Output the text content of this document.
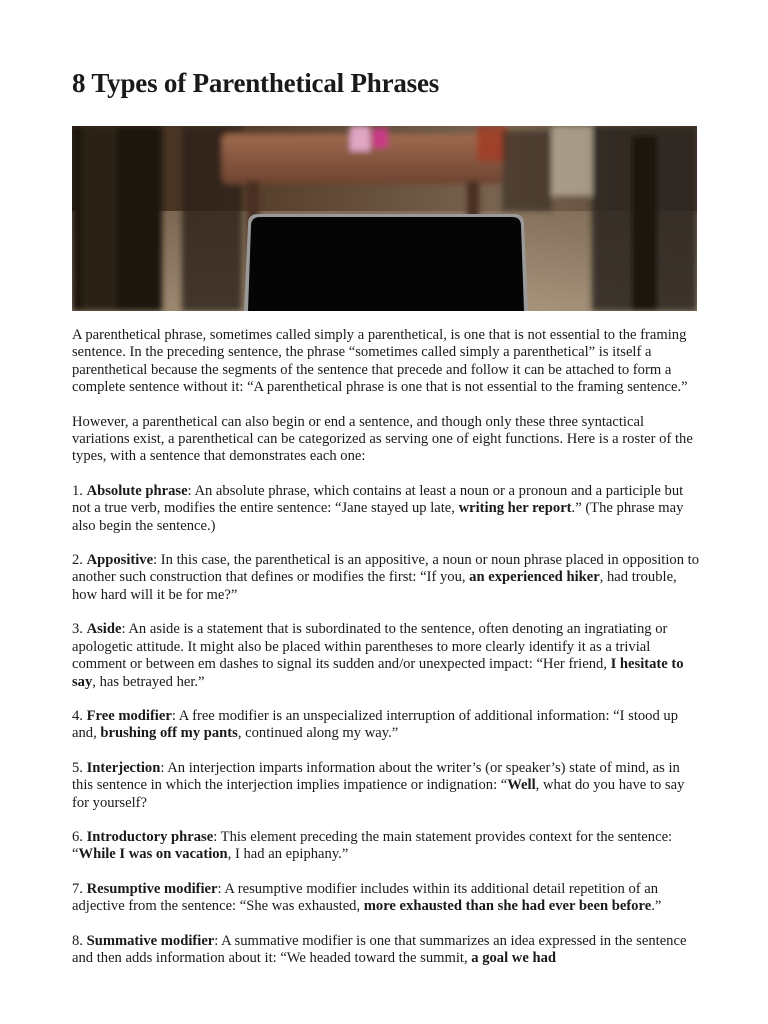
8 Types of Parenthetical Phrases

A parenthetical phrase, sometimes called simply a parenthetical, is one that is not essential to the framing sentence. In the preceding sentence, the phrase “sometimes called simply a parenthetical” is itself a parenthetical because the segments of the sentence that precede and follow it can be attached to form a complete sentence without it: “A parenthetical phrase is one that is not essential to the framing sentence.”

However, a parenthetical can also begin or end a sentence, and though only these three syntactical variations exist, a parenthetical can be categorized as serving one of eight functions. Here is a roster of the types, with a sentence that demonstrates each one:

1. Absolute phrase: An absolute phrase, which contains at least a noun or a pronoun and a participle but not a true verb, modifies the entire sentence: “Jane stayed up late, writing her report.” (The phrase may also begin the sentence.)

2. Appositive: In this case, the parenthetical is an appositive, a noun or noun phrase placed in opposition to another such construction that defines or modifies the first: “If you, an experienced hiker, had trouble, how hard will it be for me?”

3. Aside: An aside is a statement that is subordinated to the sentence, often denoting an ingratiating or apologetic attitude. It might also be placed within parentheses to more clearly identify it as a trivial comment or between em dashes to signal its sudden and/or unexpected impact: “Her friend, I hesitate to say, has betrayed her.”

4. Free modifier: A free modifier is an unspecialized interruption of additional information: “I stood up and, brushing off my pants, continued along my way.”

5. Interjection: An interjection imparts information about the writer’s (or speaker’s) state of mind, as in this sentence in which the interjection implies impatience or indignation: “Well, what do you have to say for yourself?

6. Introductory phrase: This element preceding the main statement provides context for the sentence: “While I was on vacation, I had an epiphany.”

7. Resumptive modifier: A resumptive modifier includes within its additional detail repetition of an adjective from the sentence: “She was exhausted, more exhausted than she had ever been before.”

8. Summative modifier: A summative modifier is one that summarizes an idea expressed in the sentence and then adds information about it: “We headed toward the summit, a goal we had
